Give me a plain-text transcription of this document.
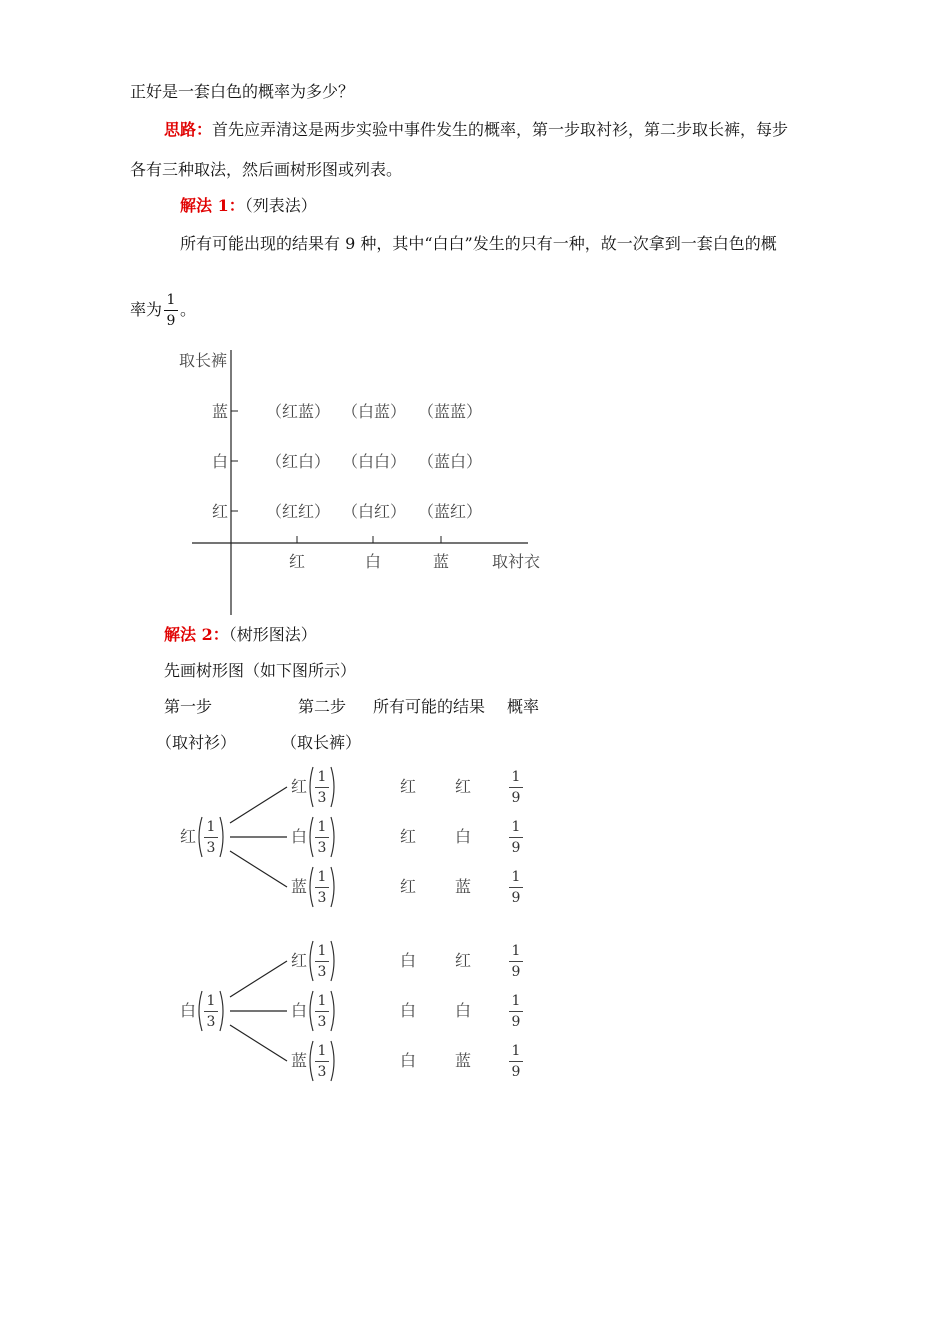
正好是一套白色的概率为多少？
思路：首先应弄清这是两步实验中事件发生的概率，第一步取衬衫，第二步取长裤，每步
各有三种取法，然后画树形图或列表。
解法 1：（列表法）
所有可能出现的结果有 9 种，其中“白白”发生的只有一种，故一次拿到一套白色的概
率为 1
9
。
取长裤
蓝
白
红
红	白	蓝	取衬衣
（红蓝） （白蓝） （蓝蓝）
（红白） （白白） （蓝白）
（红红） （白红） （蓝红）
解法 2：（树形图法）
先画树形图（如下图所示）
第一步	第二步 所有可能的结果 概率
（取衬衫）	（取长裤）
红 1
3
红 1
3
红 红	1
9
白 1
3
红 白	1
9
蓝 1
3
红 蓝	1
9
白 1
3
红 1
3
白 红	1
9
白 1
3
白 白	1
9
蓝 1
3
白 蓝	1
9
